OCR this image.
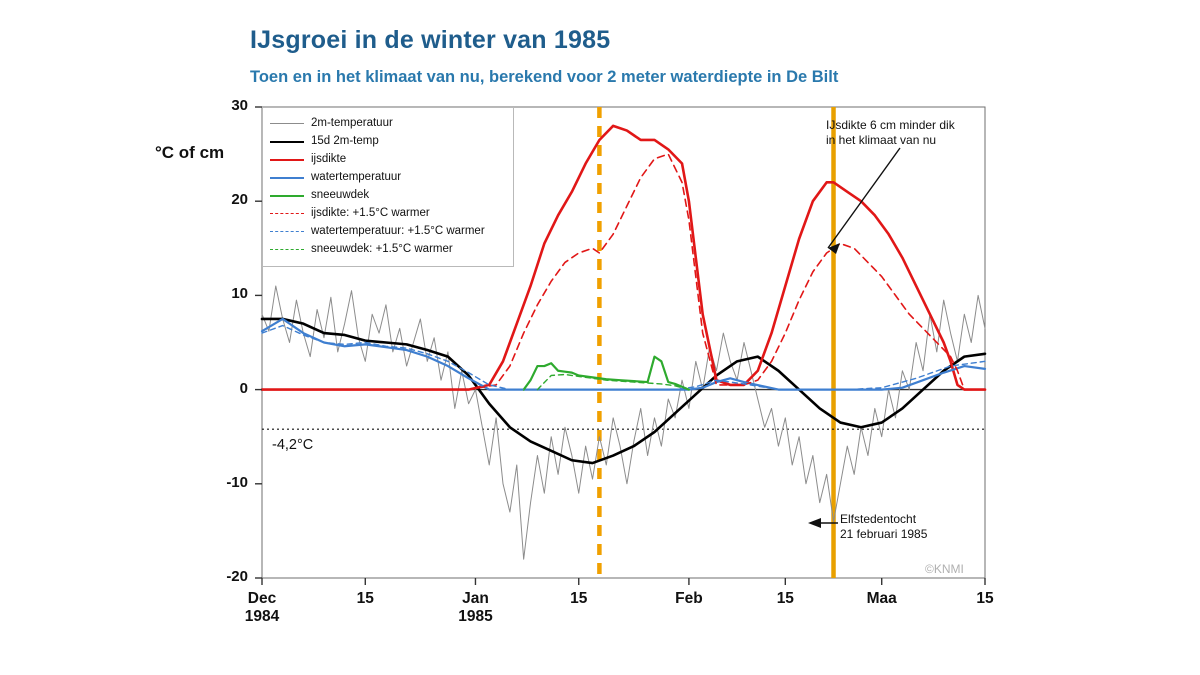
IJsgroei in de winter van 1985
Toen en in het klimaat van nu, berekend voor 2 meter waterdiepte in De Bilt
°C of cm
2m-temperatuur
15d 2m-temp
ijsdikte
watertemperatuur
sneeuwdek
ijsdikte: +1.5°C warmer
watertemperatuur: +1.5°C warmer
sneeuwdek: +1.5°C warmer
IJsdikte 6 cm minder dik
in het klimaat van nu
Elfstedentocht
21 februari 1985
-4,2°C
©KNMI
Dec
1984
15	Jan
1985
15	Feb	15	Maa	15
-20
-10
0
10
20
30
